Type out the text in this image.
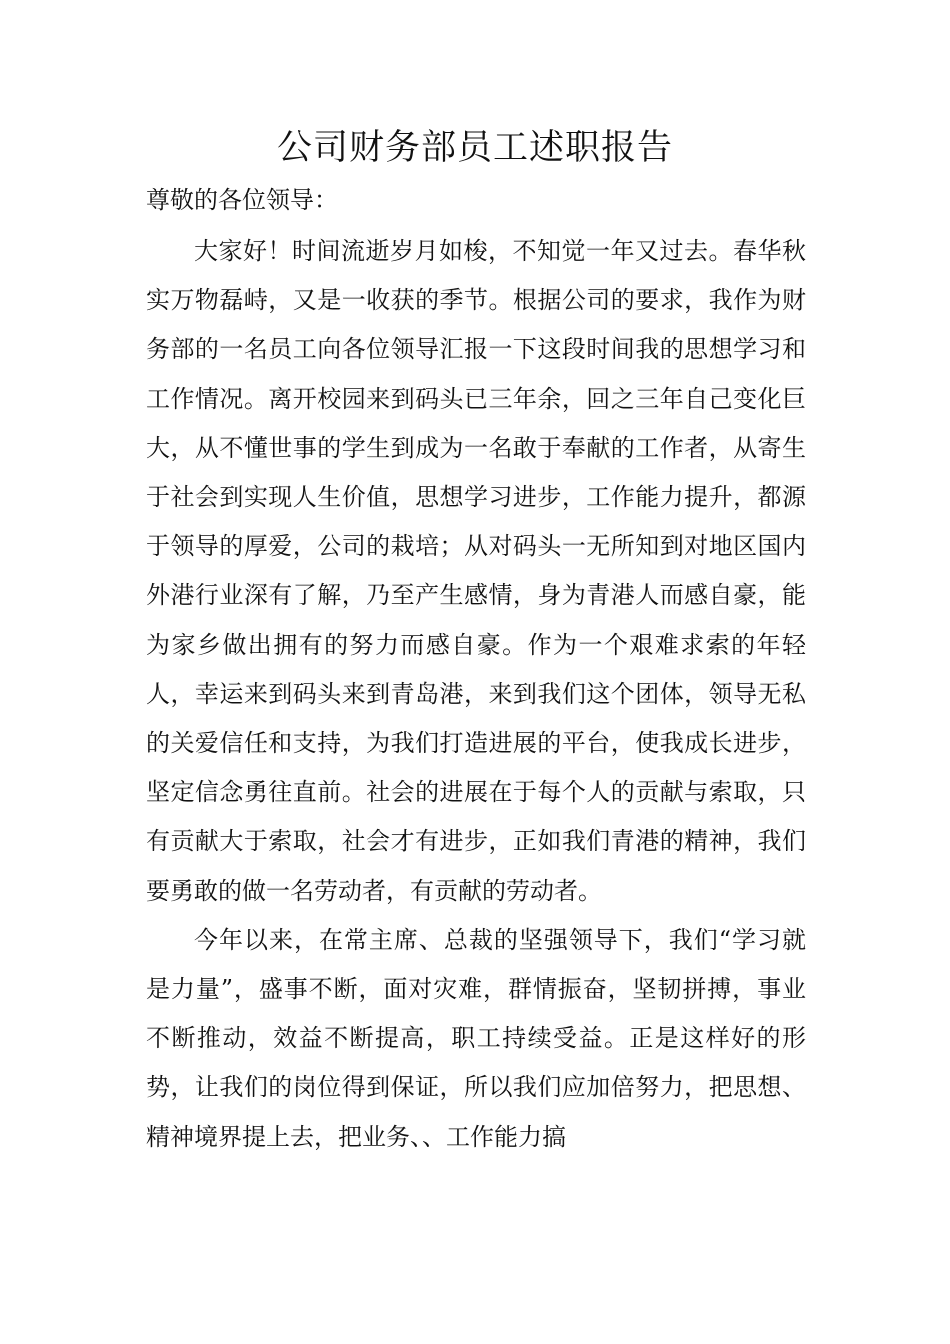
公司财务部员工述职报告

尊敬的各位领导：

大家好！时间流逝岁月如梭，不知觉一年又过去。春华秋实万物磊峙，又是一收获的季节。根据公司的要求，我作为财务部的一名员工向各位领导汇报一下这段时间我的思想学习和工作情况。离开校园来到码头已三年余，回之三年自己变化巨大，从不懂世事的学生到成为一名敢于奉献的工作者，从寄生于社会到实现人生价值，思想学习进步，工作能力提升，都源于领导的厚爱，公司的栽培；从对码头一无所知到对地区国内外港行业深有了解，乃至产生感情，身为青港人而感自豪，能为家乡做出拥有的努力而感自豪。作为一个艰难求索的年轻人，幸运来到码头来到青岛港，来到我们这个团体，领导无私的关爱信任和支持，为我们打造进展的平台，使我成长进步，坚定信念勇往直前。社会的进展在于每个人的贡献与索取，只有贡献大于索取，社会才有进步，正如我们青港的精神，我们要勇敢的做一名劳动者，有贡献的劳动者。

今年以来，在常主席、总裁的坚强领导下，我们“学习就是力量”，盛事不断，面对灾难，群情振奋，坚韧拼搏，事业不断推动，效益不断提高，职工持续受益。正是这样好的形势，让我们的岗位得到保证，所以我们应加倍努力，把思想、精神境界提上去，把业务、、工作能力搞
